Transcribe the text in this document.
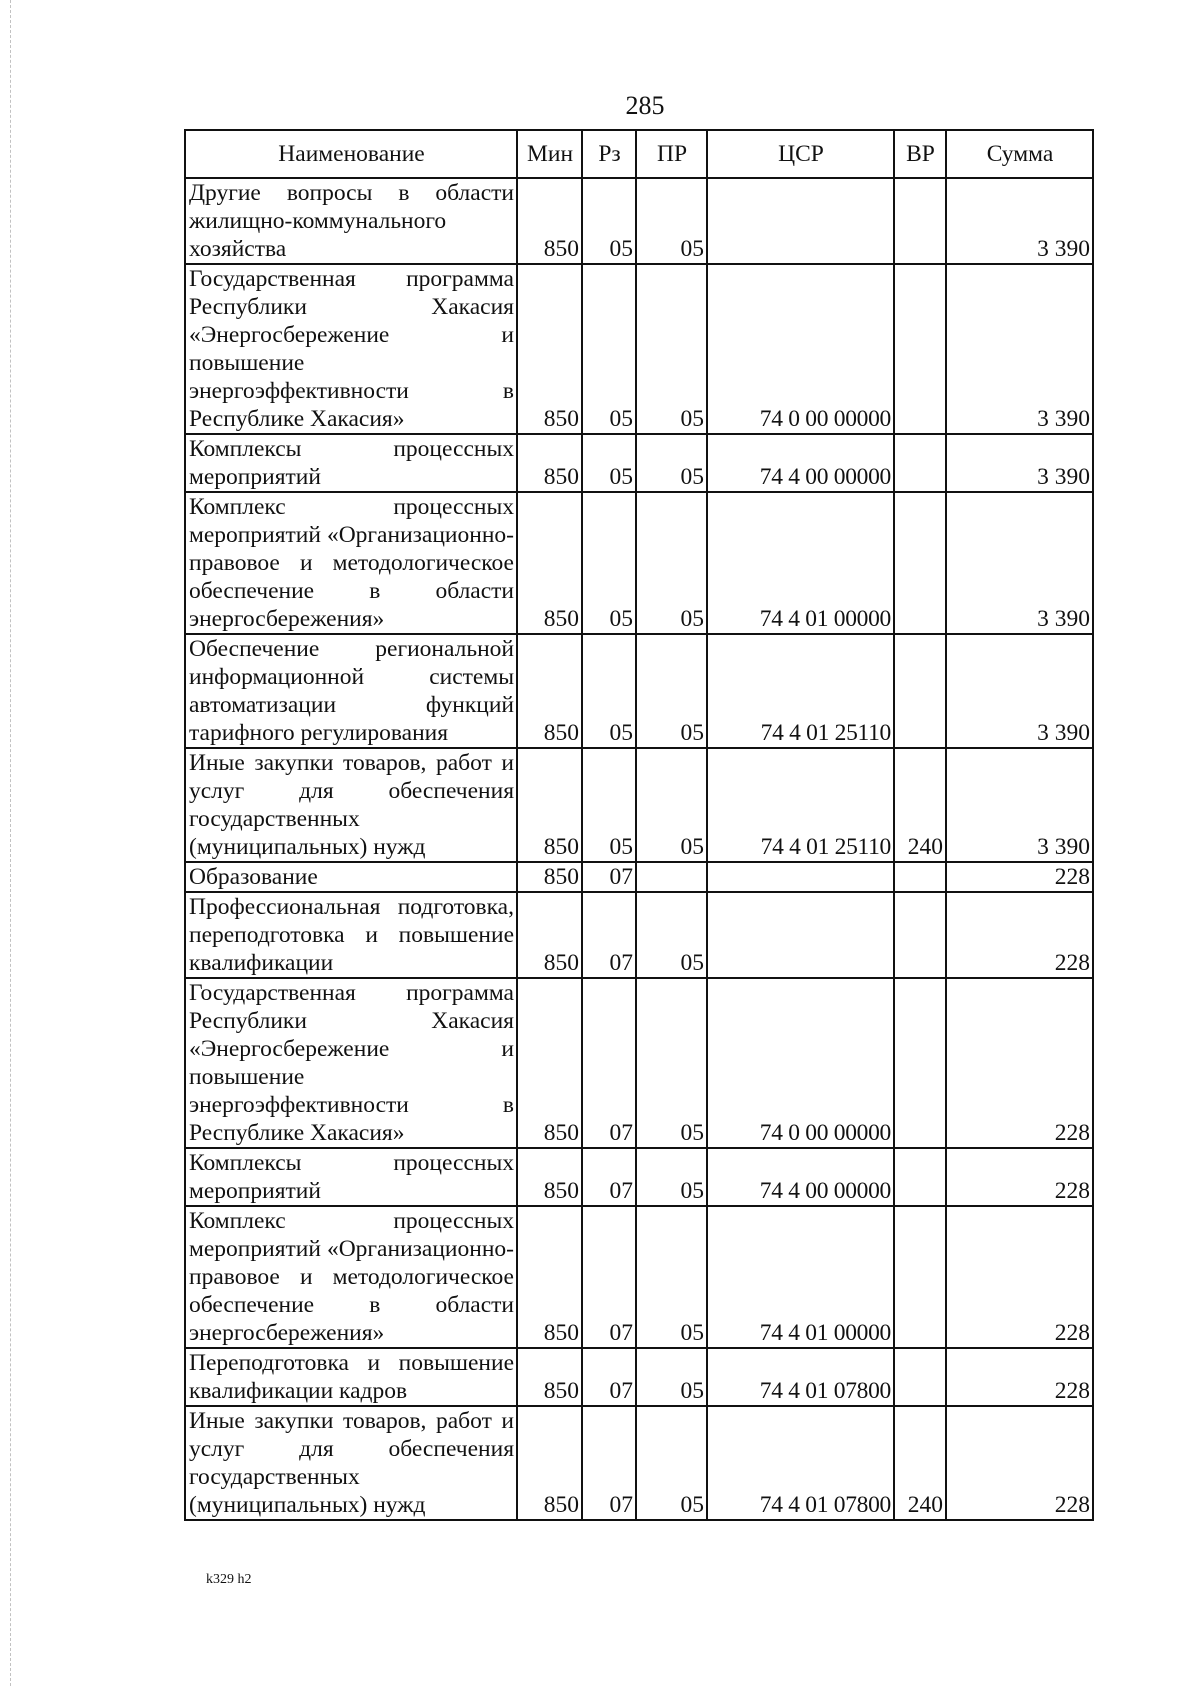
285
Наименование	Мин	Рз	ПР	ЦСР	ВР	Сумма
Другие вопросы в области жилищно-коммунального хозяйства	850	05	05			3 390
Государственная программа Республики Хакасия «Энергосбережение и повышение энергоэффективности в Республике Хакасия»	850	05	05	74 0 00 00000		3 390
Комплексы процессных мероприятий	850	05	05	74 4 00 00000		3 390
Комплекс процессных мероприятий «Организационно-правовое и методологическое обеспечение в области энергосбережения»	850	05	05	74 4 01 00000		3 390
Обеспечение региональной информационной системы автоматизации функций тарифного регулирования	850	05	05	74 4 01 25110		3 390
Иные закупки товаров, работ и услуг для обеспечения государственных (муниципальных) нужд	850	05	05	74 4 01 25110	240	3 390
Образование	850	07				228
Профессиональная подготовка, переподготовка и повышение квалификации	850	07	05			228
Государственная программа Республики Хакасия «Энергосбережение и повышение энергоэффективности в Республике Хакасия»	850	07	05	74 0 00 00000		228
Комплексы процессных мероприятий	850	07	05	74 4 00 00000		228
Комплекс процессных мероприятий «Организационно-правовое и методологическое обеспечение в области энергосбережения»	850	07	05	74 4 01 00000		228
Переподготовка и повышение квалификации кадров	850	07	05	74 4 01 07800		228
Иные закупки товаров, работ и услуг для обеспечения государственных (муниципальных) нужд	850	07	05	74 4 01 07800	240	228
k329 h2
